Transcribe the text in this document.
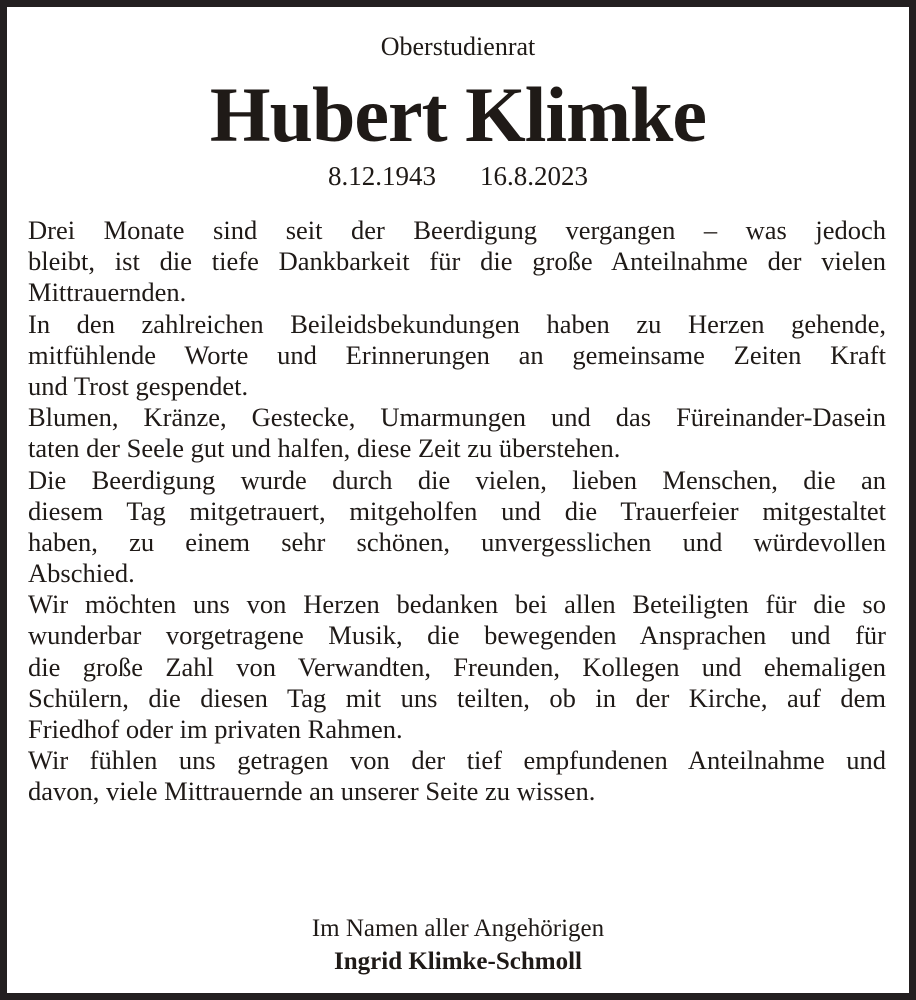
Oberstudienrat
Hubert Klimke
8.12.1943 16.8.2023
Drei Monate sind seit der Beerdigung vergangen – was jedoch
bleibt, ist die tiefe Dankbarkeit für die große Anteilnahme der vielen
Mittrauernden.
In den zahlreichen Beileidsbekundungen haben zu Herzen gehende,
mitfühlende Worte und Erinnerungen an gemeinsame Zeiten Kraft
und Trost gespendet.
Blumen, Kränze, Gestecke, Umarmungen und das Füreinander-Dasein
taten der Seele gut und halfen, diese Zeit zu überstehen.
Die Beerdigung wurde durch die vielen, lieben Menschen, die an
diesem Tag mitgetrauert, mitgeholfen und die Trauerfeier mitgestaltet
haben, zu einem sehr schönen, unvergesslichen und würdevollen
Abschied.
Wir möchten uns von Herzen bedanken bei allen Beteiligten für die so
wunderbar vorgetragene Musik, die bewegenden Ansprachen und für
die große Zahl von Verwandten, Freunden, Kollegen und ehemaligen
Schülern, die diesen Tag mit uns teilten, ob in der Kirche, auf dem
Friedhof oder im privaten Rahmen.
Wir fühlen uns getragen von der tief empfundenen Anteilnahme und
davon, viele Mittrauernde an unserer Seite zu wissen.
Im Namen aller Angehörigen
Ingrid Klimke-Schmoll
